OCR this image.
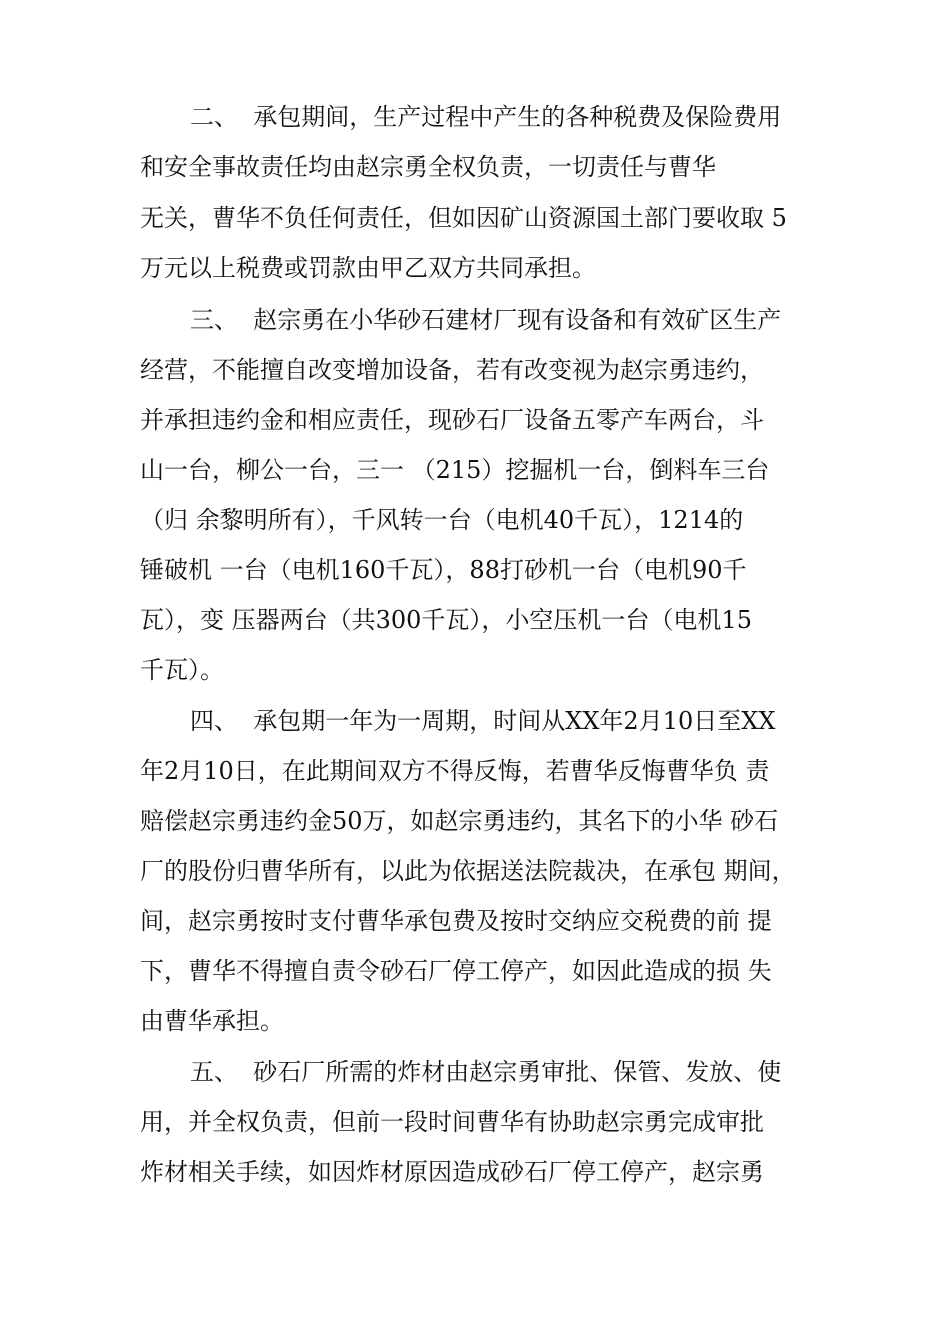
二、  承包期间，生产过程中产生的各种税费及保险费用
和安全事故责任均由赵宗勇全权负责，一切责任与曹华
无关，曹华不负任何责任，但如因矿山资源国土部门要收取 5
万元以上税费或罚款由甲乙双方共同承担。
三、  赵宗勇在小华砂石建材厂现有设备和有效矿区生产
经营，不能擅自改变增加设备，若有改变视为赵宗勇违约，
并承担违约金和相应责任，现砂石厂设备五零产车两台，斗
山一台，柳公一台，三一 （215）挖掘机一台，倒料车三台
（归 余黎明所有），千风转一台（电机40千瓦），1214的
锤破机 一台（电机160千瓦），88打砂机一台（电机90千
瓦），变 压器两台（共300千瓦），小空压机一台（电机15
千瓦）。
四、  承包期一年为一周期，时间从XX年2月10日至XX
年2月10日，在此期间双方不得反悔，若曹华反悔曹华负 责
赔偿赵宗勇违约金50万，如赵宗勇违约，其名下的小华 砂石
厂的股份归曹华所有，以此为依据送法院裁决，在承包 期间，
间，赵宗勇按时支付曹华承包费及按时交纳应交税费的前 提
下，曹华不得擅自责令砂石厂停工停产，如因此造成的损 失
由曹华承担。
五、  砂石厂所需的炸材由赵宗勇审批、保管、发放、使
用，并全权负责，但前一段时间曹华有协助赵宗勇完成审批
炸材相关手续，如因炸材原因造成砂石厂停工停产，赵宗勇
